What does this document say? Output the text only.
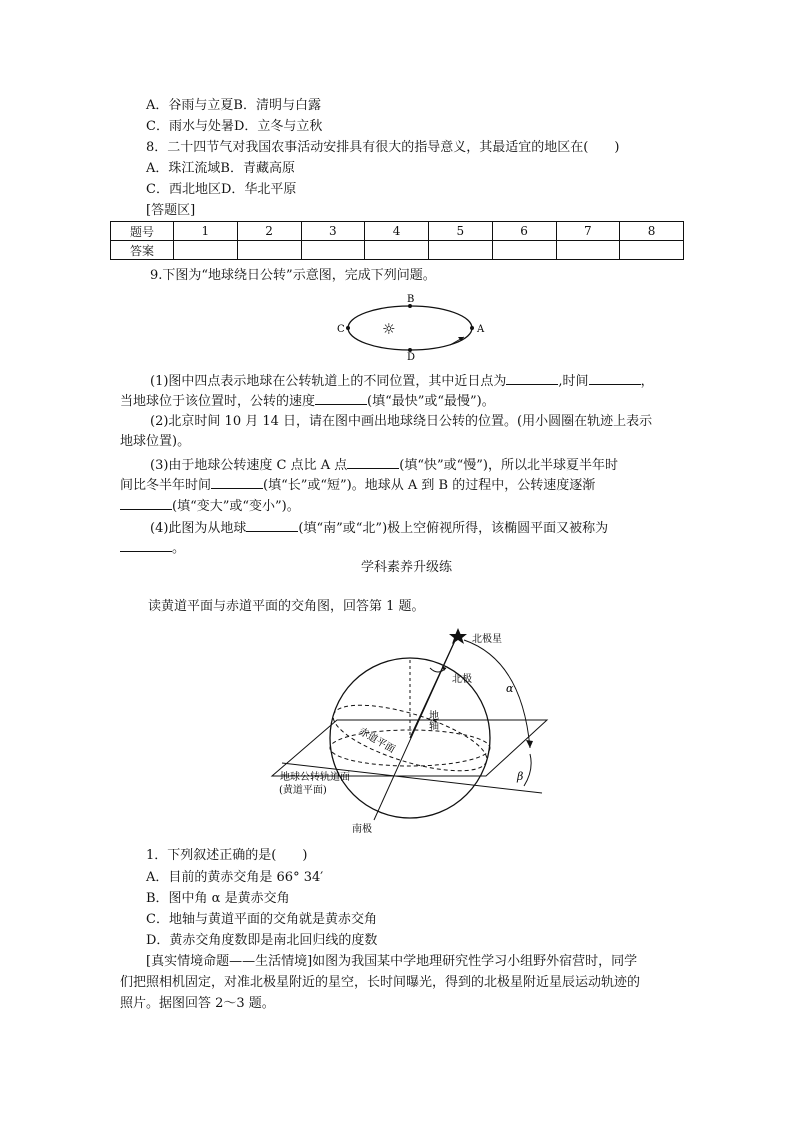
A．谷雨与立夏B．清明与白露
C．雨水与处暑D．立冬与立秋
8．二十四节气对我国农事活动安排具有很大的指导意义，其最适宜的地区在(　　)
A．珠江流域B．青藏高原
C．西北地区D．华北平原
[答题区]
题号	1	2	3	4	5	6	7	8
答案								
9.下图为“地球绕日公转”示意图，完成下列问题。
B
D
A
C ☼
(1)图中四点表示地球在公转轨道上的不同位置，其中近日点为	,时间	，
当地球位于该位置时，公转的速度	(填“最快”或“最慢”)。
(2)北京时间 10 月 14 日，请在图中画出地球绕日公转的位置。(用小圆圈在轨迹上表示
地球位置)。
(3)由于地球公转速度 C 点比 A 点	(填“快”或“慢”)，所以北半球夏半年时
间比冬半年时间	(填“长”或“短”)。地球从 A 到 B 的过程中，公转速度逐渐
(填“变大”或“变小”)。
(4)此图为从地球	(填“南”或“北”)极上空俯视所得，该椭圆平面又被称为
。
学科素养升级练
读黄道平面与赤道平面的交角图，回答第 1 题。
北极星
北极
地轴
赤道平面
α
β
地球公转轨道面
(黄道平面)
南极
1．下列叙述正确的是(　　)
A．目前的黄赤交角是 66° 34′
B．图中角 α 是黄赤交角
C．地轴与黄道平面的交角就是黄赤交角
D．黄赤交角度数即是南北回归线的度数
[真实情境命题——生活情境]如图为我国某中学地理研究性学习小组野外宿营时，同学
们把照相机固定，对准北极星附近的星空，长时间曝光，得到的北极星附近星辰运动轨迹的
照片。据图回答 2～3 题。
